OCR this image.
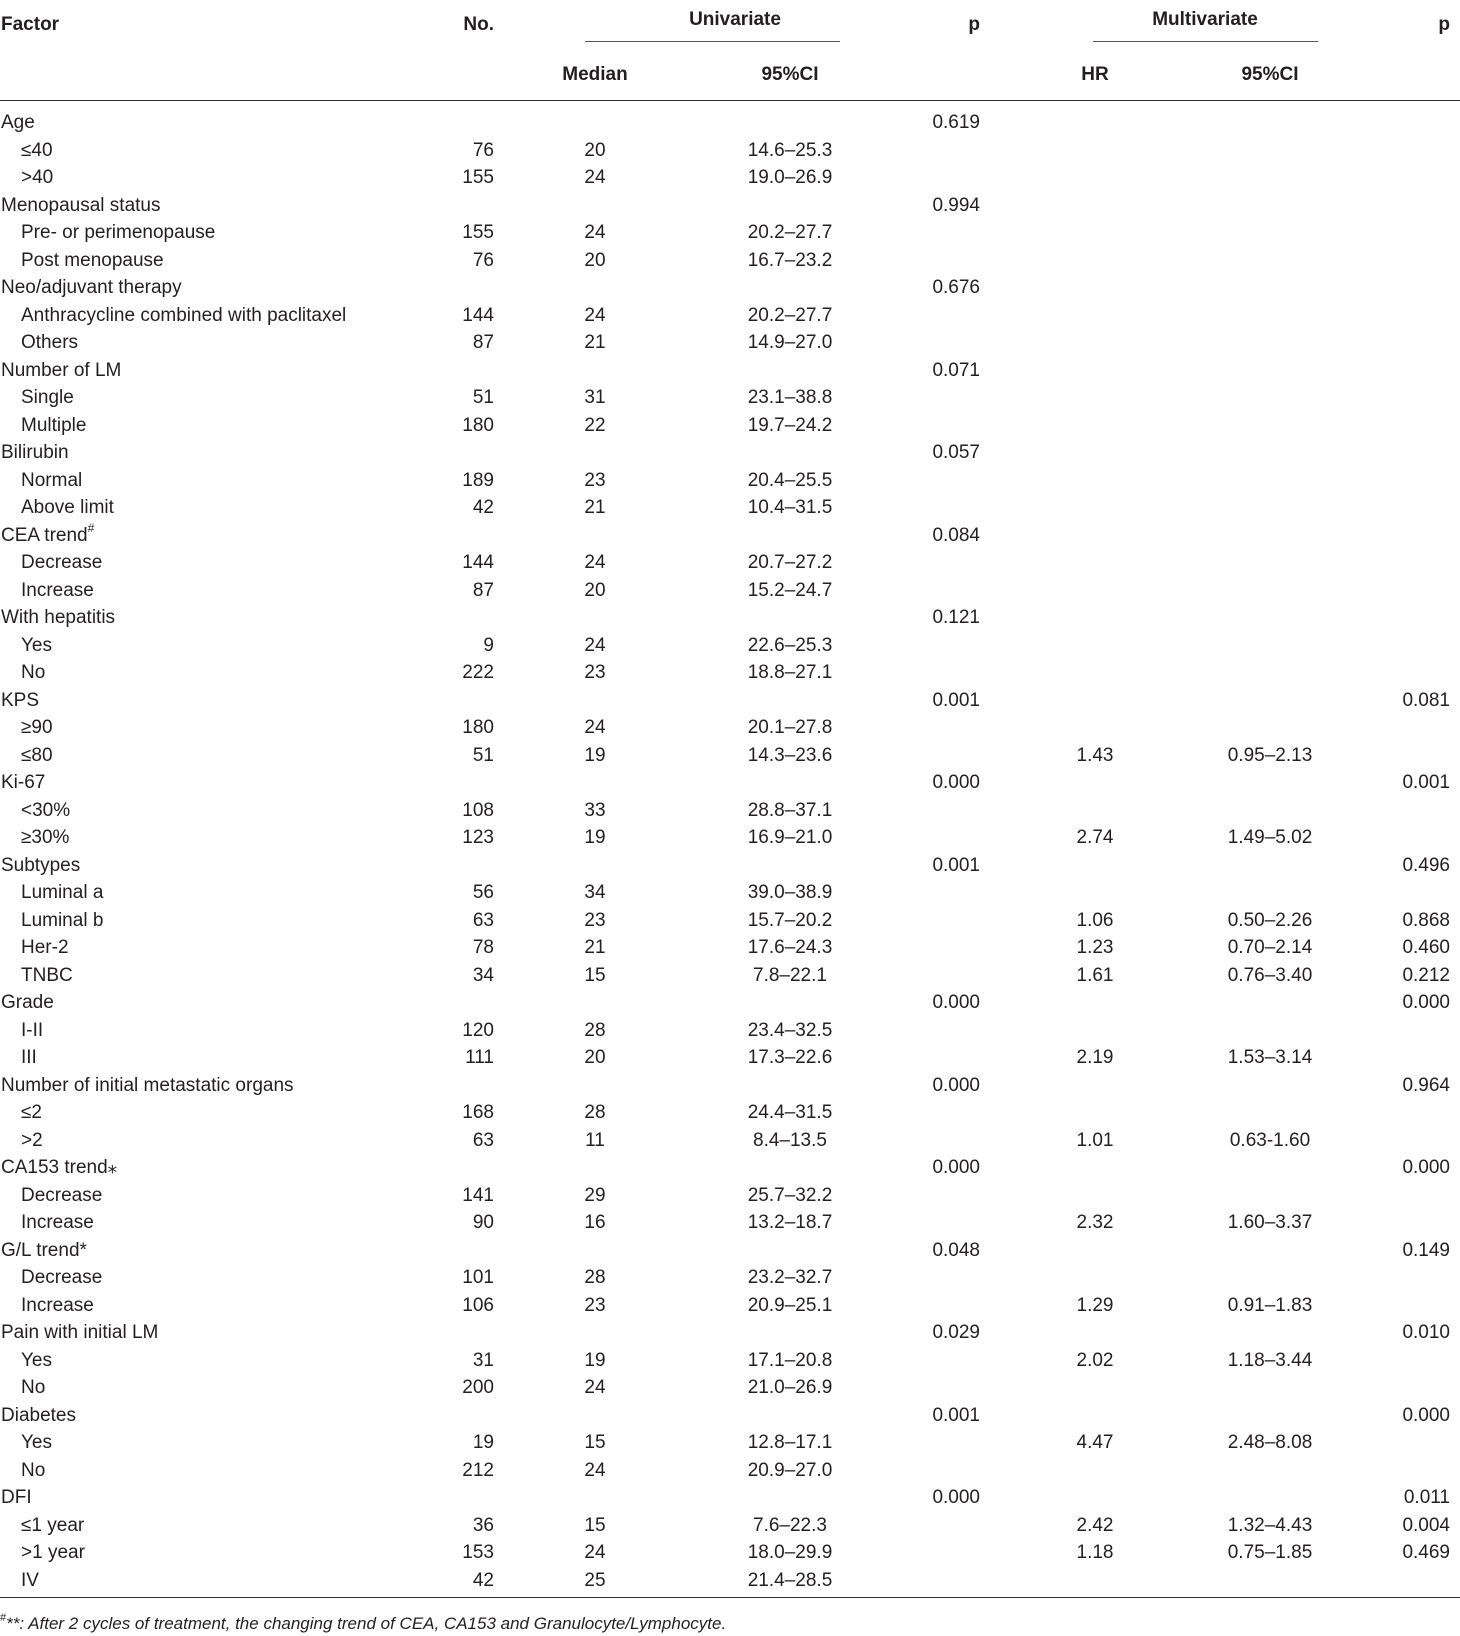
Factor	No.	Univariate		p	Multivariate		p
		Median	95%CI		HR	95%CI	
Age				0.619			
≤40	76	20	14.6–25.3				
>40	155	24	19.0–26.9				
Menopausal status				0.994			
Pre- or perimenopause	155	24	20.2–27.7				
Post menopause	76	20	16.7–23.2				
Neo/adjuvant therapy				0.676			
Anthracycline combined with paclitaxel	144	24	20.2–27.7				
Others	87	21	14.9–27.0				
Number of LM				0.071			
Single	51	31	23.1–38.8				
Multiple	180	22	19.7–24.2				
Bilirubin				0.057			
Normal	189	23	20.4–25.5				
Above limit	42	21	10.4–31.5				
CEA trend#				0.084			
Decrease	144	24	20.7–27.2				
Increase	87	20	15.2–24.7				
With hepatitis				0.121			
Yes	9	24	22.6–25.3				
No	222	23	18.8–27.1				
KPS				0.001			0.081
≥90	180	24	20.1–27.8				
≤80	51	19	14.3–23.6		1.43	0.95–2.13	
Ki-67				0.000			0.001
<30%	108	33	28.8–37.1				
≥30%	123	19	16.9–21.0		2.74	1.49–5.02	
Subtypes				0.001			0.496
Luminal a	56	34	39.0–38.9				
Luminal b	63	23	15.7–20.2		1.06	0.50–2.26	0.868
Her-2	78	21	17.6–24.3		1.23	0.70–2.14	0.460
TNBC	34	15	7.8–22.1		1.61	0.76–3.40	0.212
Grade				0.000			0.000
I-II	120	28	23.4–32.5				
III	111	20	17.3–22.6		2.19	1.53–3.14	
Number of initial metastatic organs				0.000			0.964
≤2	168	28	24.4–31.5				
>2	63	11	8.4–13.5		1.01	0.63-1.60	
CA153 trend⁎				0.000			0.000
Decrease	141	29	25.7–32.2				
Increase	90	16	13.2–18.7		2.32	1.60–3.37	
G/L trend*				0.048			0.149
Decrease	101	28	23.2–32.7				
Increase	106	23	20.9–25.1		1.29	0.91–1.83	
Pain with initial LM				0.029			0.010
Yes	31	19	17.1–20.8		2.02	1.18–3.44	
No	200	24	21.0–26.9				
Diabetes				0.001			0.000
Yes	19	15	12.8–17.1		4.47	2.48–8.08	
No	212	24	20.9–27.0				
DFI				0.000			0.011
≤1 year	36	15	7.6–22.3		2.42	1.32–4.43	0.004
>1 year	153	24	18.0–29.9		1.18	0.75–1.85	0.469
IV	42	25	21.4–28.5				
#**: After 2 cycles of treatment, the changing trend of CEA, CA153 and Granulocyte/Lymphocyte.
